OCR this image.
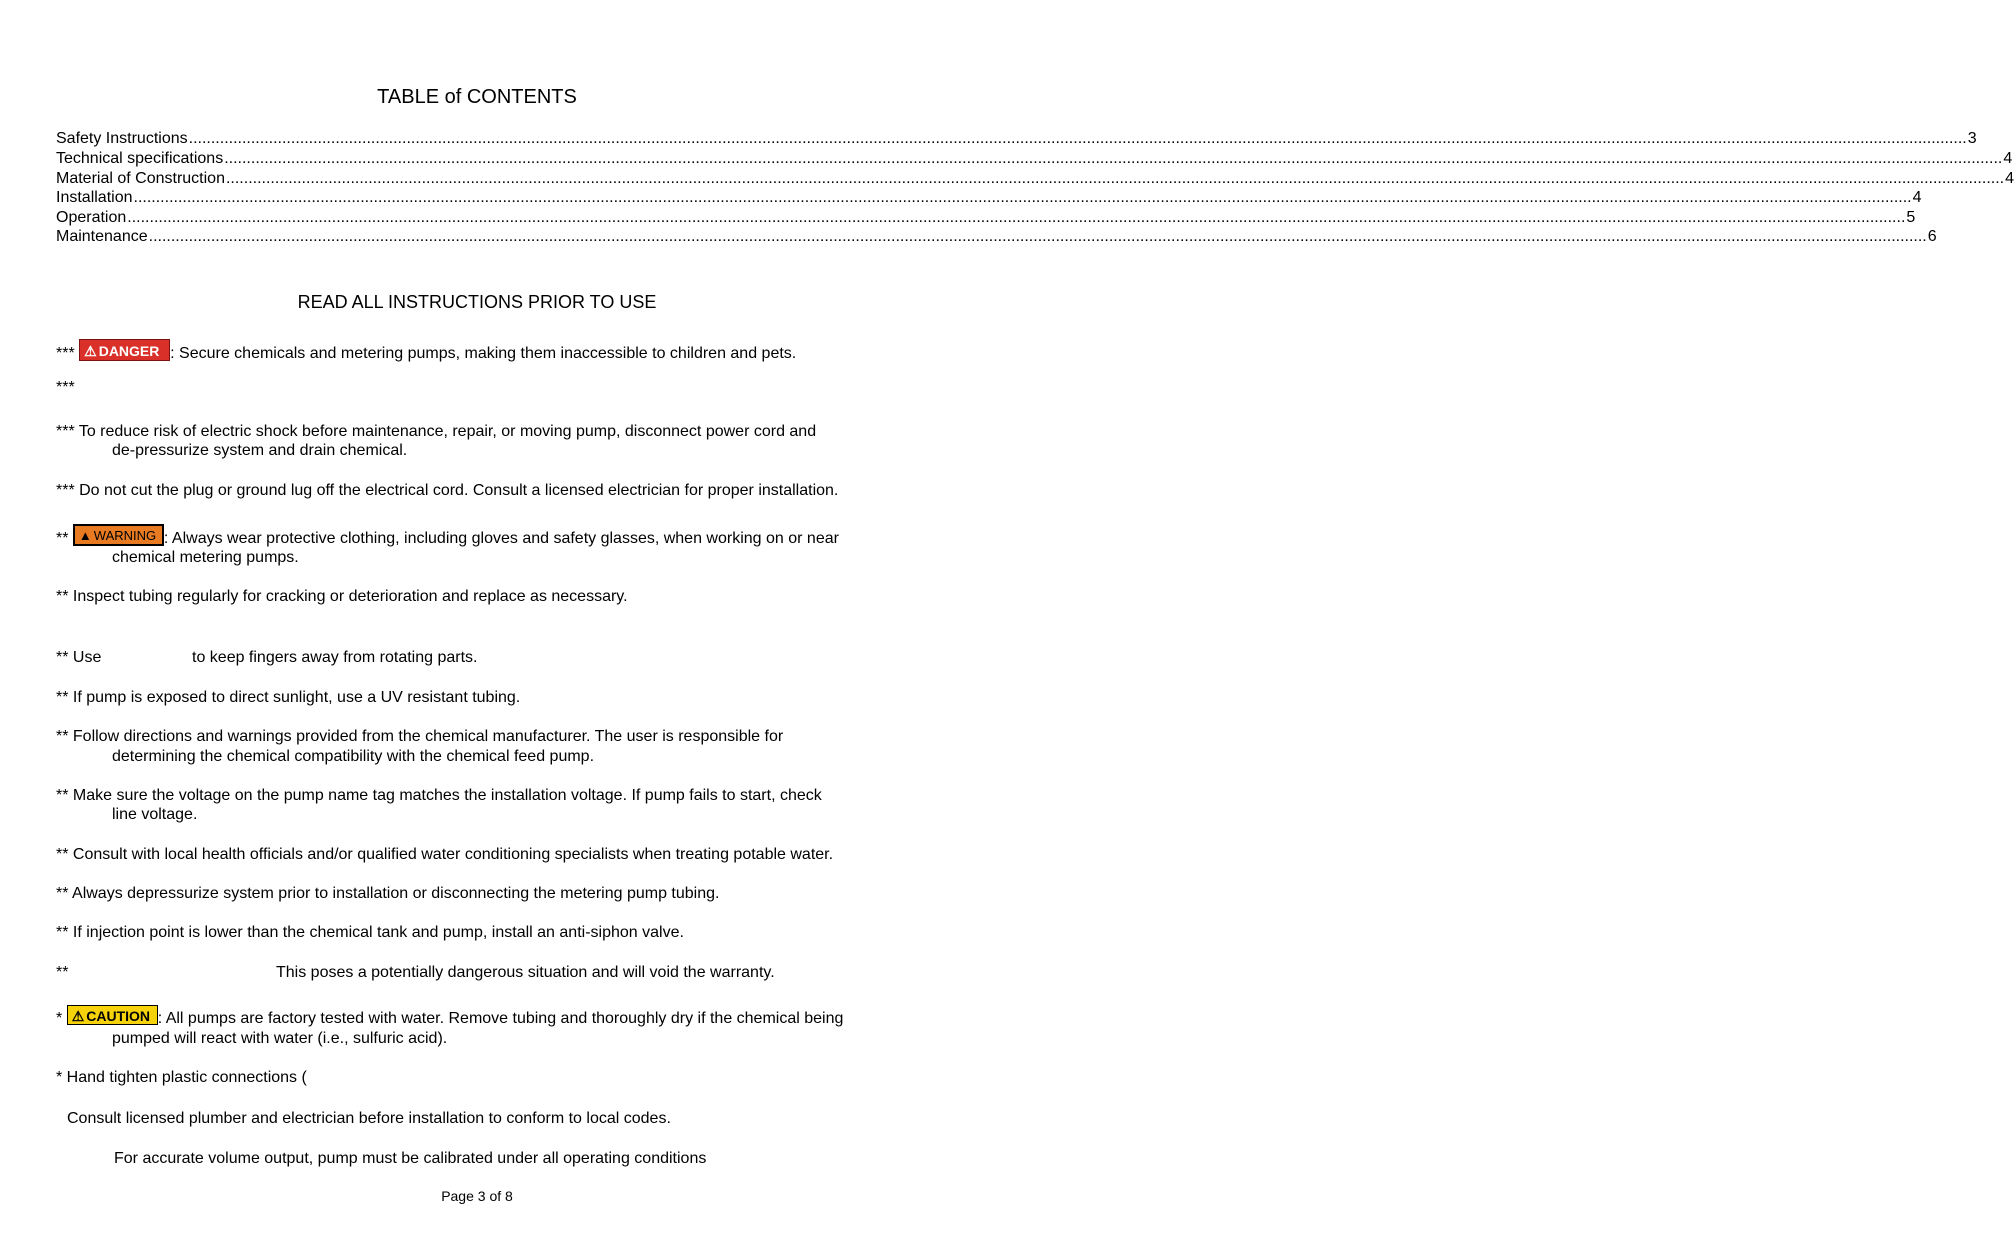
TABLE of CONTENTS
Safety Instructions ................................................................................................................................................................................................................................................................................................................................................................................................................ 3
Technical specifications ................................................................................................................................................................................................................................................................................................................................................................................................................ 4
Material of Construction ................................................................................................................................................................................................................................................................................................................................................................................................................ 4
Installation ................................................................................................................................................................................................................................................................................................................................................................................................................ 4
Operation ................................................................................................................................................................................................................................................................................................................................................................................................................ 5
Maintenance ................................................................................................................................................................................................................................................................................................................................................................................................................ 6
READ ALL INSTRUCTIONS PRIOR TO USE
*** ⚠ DANGER : Secure chemicals and metering pumps, making them inaccessible to children and pets.
***
*** To reduce risk of electric shock before maintenance, repair, or moving pump, disconnect power cord and
de-pressurize system and drain chemical.
*** Do not cut the plug or ground lug off the electrical cord. Consult a licensed electrician for proper installation.
** ▲ WARNING : Always wear protective clothing, including gloves and safety glasses, when working on or near
chemical metering pumps.
** Inspect tubing regularly for cracking or deterioration and replace as necessary.
** Use	to keep fingers away from rotating parts.
** If pump is exposed to direct sunlight, use a UV resistant tubing.
** Follow directions and warnings provided from the chemical manufacturer. The user is responsible for
determining the chemical compatibility with the chemical feed pump.
** Make sure the voltage on the pump name tag matches the installation voltage. If pump fails to start, check
line voltage.
** Consult with local health officials and/or qualified water conditioning specialists when treating potable water.
** Always depressurize system prior to installation or disconnecting the metering pump tubing.
** If injection point is lower than the chemical tank and pump, install an anti-siphon valve.
**	This poses a potentially dangerous situation and will void the warranty.
* ⚠ CAUTION : All pumps are factory tested with water. Remove tubing and thoroughly dry if the chemical being
pumped will react with water (i.e., sulfuric acid).
* Hand tighten plastic connections (
Consult licensed plumber and electrician before installation to conform to local codes.
For accurate volume output, pump must be calibrated under all operating conditions
Page 3 of 8
